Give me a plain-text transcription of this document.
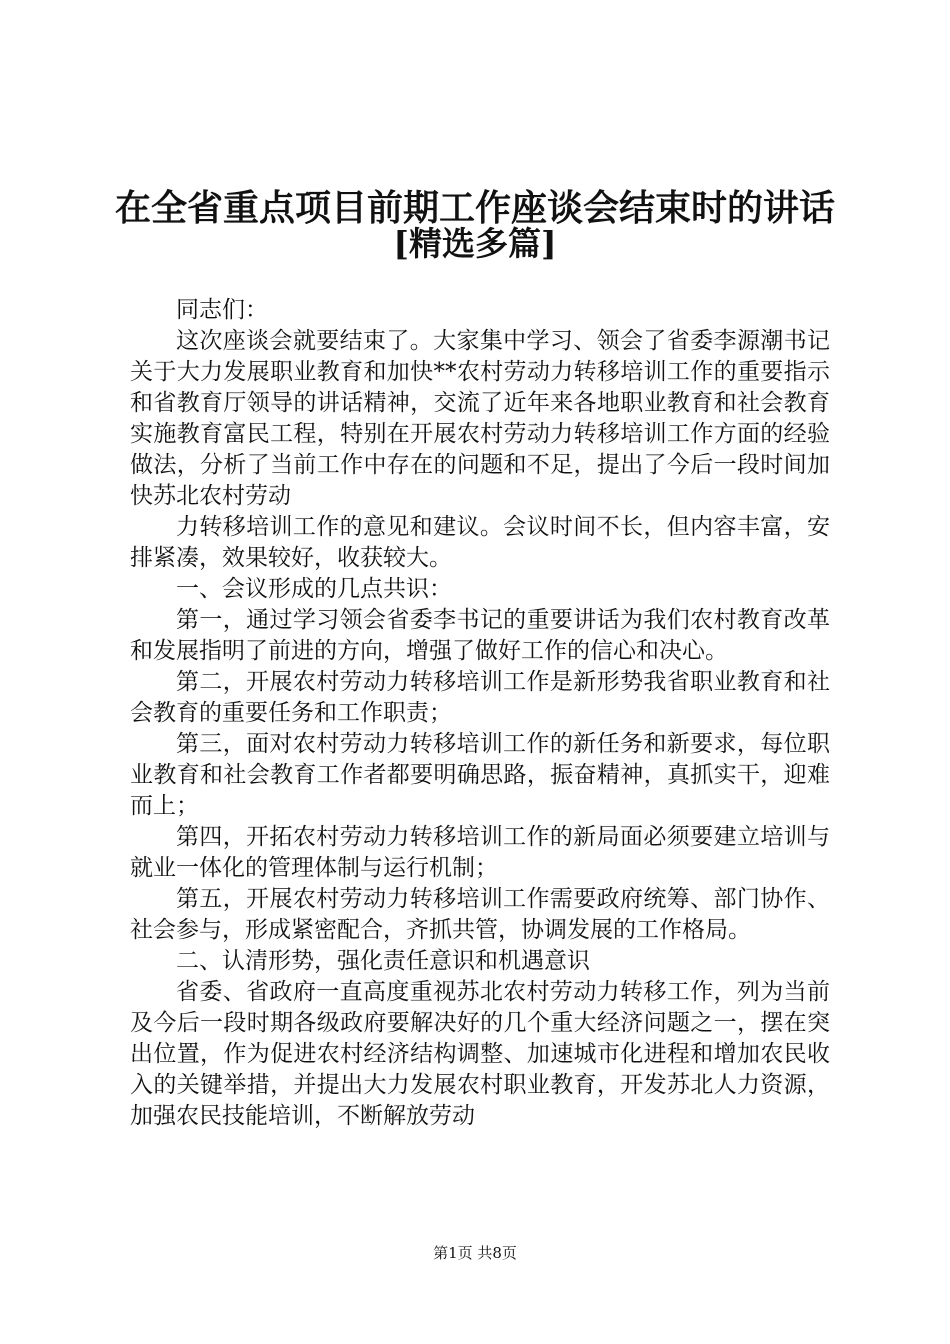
在全省重点项目前期工作座谈会结束时的讲话
[精选多篇]

同志们：

这次座谈会就要结束了。大家集中学习、领会了省委李源潮书记关于大力发展职业教育和加快**农村劳动力转移培训工作的重要指示和省教育厅领导的讲话精神，交流了近年来各地职业教育和社会教育实施教育富民工程，特别在开展农村劳动力转移培训工作方面的经验做法，分析了当前工作中存在的问题和不足，提出了今后一段时间加快苏北农村劳动

力转移培训工作的意见和建议。会议时间不长，但内容丰富，安排紧凑，效果较好，收获较大。

一、会议形成的几点共识：

第一，通过学习领会省委李书记的重要讲话为我们农村教育改革和发展指明了前进的方向，增强了做好工作的信心和决心。

第二，开展农村劳动力转移培训工作是新形势我省职业教育和社会教育的重要任务和工作职责；

第三，面对农村劳动力转移培训工作的新任务和新要求，每位职业教育和社会教育工作者都要明确思路，振奋精神，真抓实干，迎难而上；

第四，开拓农村劳动力转移培训工作的新局面必须要建立培训与就业一体化的管理体制与运行机制；

第五，开展农村劳动力转移培训工作需要政府统筹、部门协作、社会参与，形成紧密配合，齐抓共管，协调发展的工作格局。

二、认清形势，强化责任意识和机遇意识

省委、省政府一直高度重视苏北农村劳动力转移工作，列为当前及今后一段时期各级政府要解决好的几个重大经济问题之一，摆在突出位置，作为促进农村经济结构调整、加速城市化进程和增加农民收入的关键举措，并提出大力发展农村职业教育，开发苏北人力资源，加强农民技能培训，不断解放劳动

第1页 共8页
